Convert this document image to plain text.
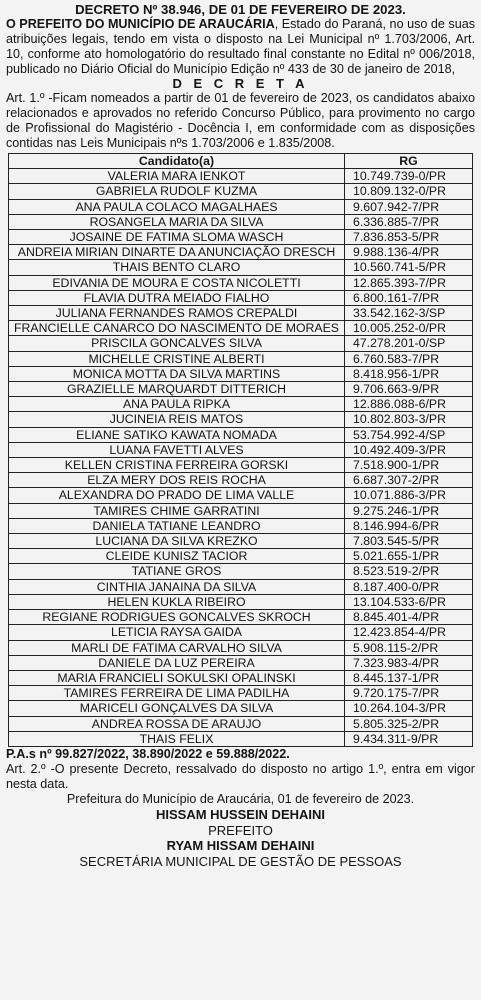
DECRETO Nº 38.946, DE 01 DE FEVEREIRO DE 2023.
O PREFEITO DO MUNICÍPIO DE ARAUCÁRIA, Estado do Paraná, no uso de suas atribuições legais, tendo em vista o disposto na Lei Municipal nº 1.703/2006, Art. 10, conforme ato homologatório do resultado final constante no Edital nº 006/2018, publicado no Diário Oficial do Município Edição nº 433 de 30 de janeiro de 2018,
D E C R E T A
Art. 1.º -Ficam nomeados a partir de 01 de fevereiro de 2023, os candidatos abaixo relacionados e aprovados no referido Concurso Público, para provimento no cargo de Profissional do Magistério - Docência I, em conformidade com as disposições contidas nas Leis Municipais nºs 1.703/2006 e 1.835/2008.
Candidato(a)	RG
VALERIA MARA IENKOT	10.749.739-0/PR
GABRIELA RUDOLF KUZMA	10.809.132-0/PR
ANA PAULA COLACO MAGALHAES	9.607.942-7/PR
ROSANGELA MARIA DA SILVA	6.336.885-7/PR
JOSAINE DE FATIMA SLOMA WASCH	7.836.853-5/PR
ANDREIA MIRIAN DINARTE DA ANUNCIAÇÃO DRESCH	9.988.136-4/PR
THAIS BENTO CLARO	10.560.741-5/PR
EDIVANIA DE MOURA E COSTA NICOLETTI	12.865.393-7/PR
FLAVIA DUTRA MEIADO FIALHO	6.800.161-7/PR
JULIANA FERNANDES RAMOS CREPALDI	33.542.162-3/SP
FRANCIELLE CANARCO DO NASCIMENTO DE MORAES	10.005.252-0/PR
PRISCILA GONCALVES SILVA	47.278.201-0/SP
MICHELLE CRISTINE ALBERTI	6.760.583-7/PR
MONICA MOTTA DA SILVA MARTINS	8.418.956-1/PR
GRAZIELLE MARQUARDT DITTERICH	9.706.663-9/PR
ANA PAULA RIPKA	12.886.088-6/PR
JUCINEIA REIS MATOS	10.802.803-3/PR
ELIANE SATIKO KAWATA NOMADA	53.754.992-4/SP
LUANA FAVETTI ALVES	10.492.409-3/PR
KELLEN CRISTINA FERREIRA GORSKI	7.518.900-1/PR
ELZA MERY DOS REIS ROCHA	6.687.307-2/PR
ALEXANDRA DO PRADO DE LIMA VALLE	10.071.886-3/PR
TAMIRES CHIME GARRATINI	9.275.246-1/PR
DANIELA TATIANE LEANDRO	8.146.994-6/PR
LUCIANA DA SILVA KREZKO	7.803.545-5/PR
CLEIDE KUNISZ TACIOR	5.021.655-1/PR
TATIANE GROS	8.523.519-2/PR
CINTHIA JANAINA DA SILVA	8.187.400-0/PR
HELEN KUKLA RIBEIRO	13.104.533-6/PR
REGIANE RODRIGUES GONCALVES SKROCH	8.845.401-4/PR
LETICIA RAYSA GAIDA	12.423.854-4/PR
MARLI DE FATIMA CARVALHO SILVA	5.908.115-2/PR
DANIELE DA LUZ PEREIRA	7.323.983-4/PR
MARIA FRANCIELI SOKULSKI OPALINSKI	8.445.137-1/PR
TAMIRES FERREIRA DE LIMA PADILHA	9.720.175-7/PR
MARICELI GONÇALVES DA SILVA	10.264.104-3/PR
ANDREA ROSSA DE ARAUJO	5.805.325-2/PR
THAIS FELIX	9.434.311-9/PR
P.A.s nº 99.827/2022, 38.890/2022 e 59.888/2022.
Art. 2.º -O presente Decreto, ressalvado do disposto no artigo 1.º, entra em vigor nesta data.
Prefeitura do Município de Araucária, 01 de fevereiro de 2023.
HISSAM HUSSEIN DEHAINI
PREFEITO
RYAM HISSAM DEHAINI
SECRETÁRIA MUNICIPAL DE GESTÃO DE PESSOAS
